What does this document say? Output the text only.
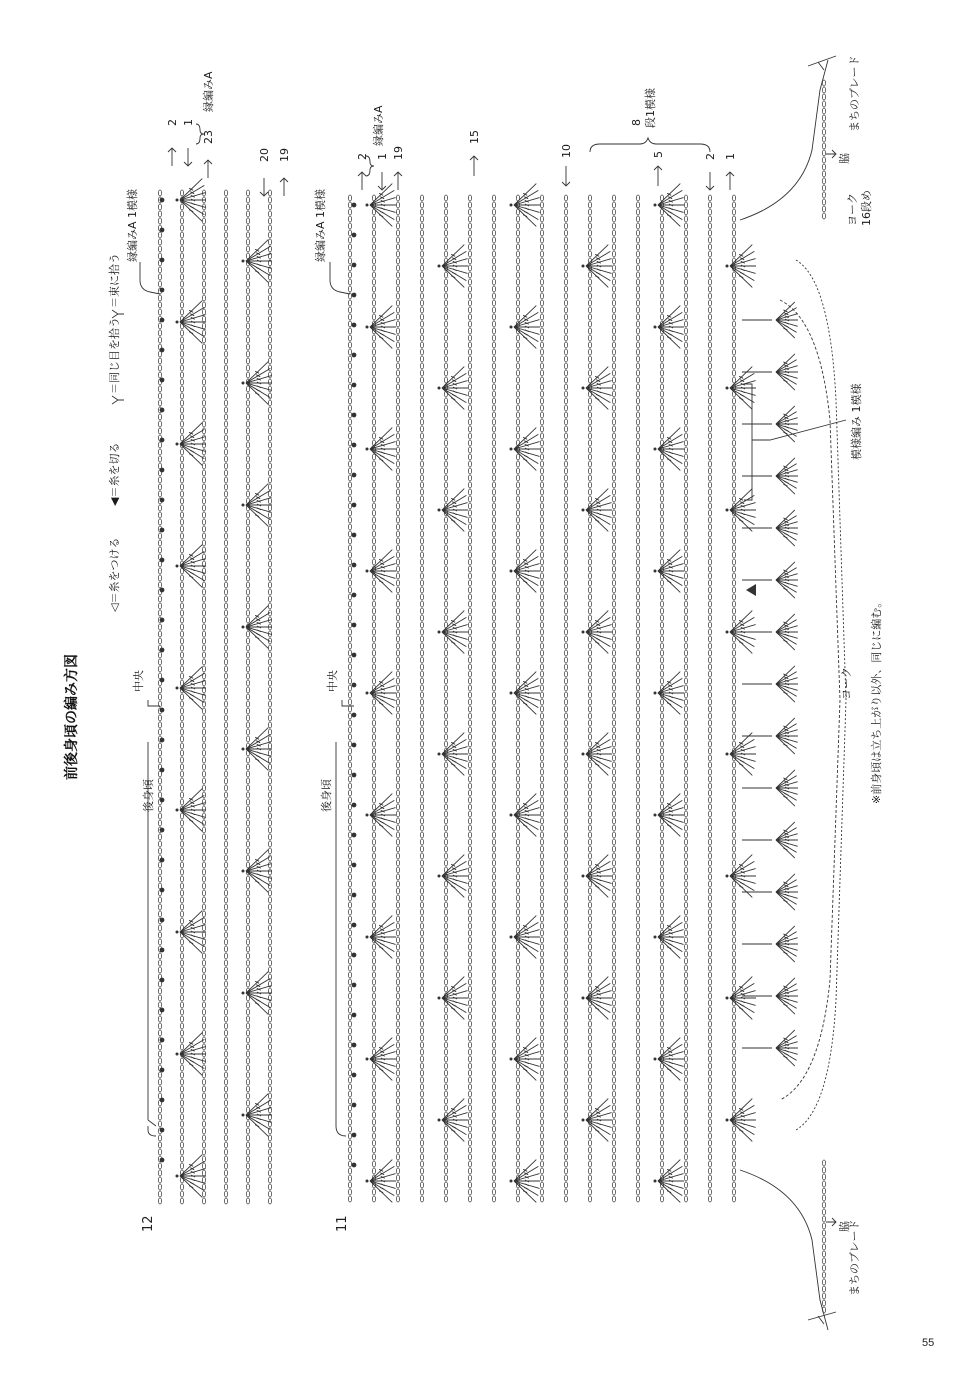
前後身頃の編み方図
◁＝糸をつける
◀＝糸を切る
＝同じ目を拾う
＝束に拾う
12
縁編みA
縁編みA 1模様
後身頃
中央
2 1
23
20 19
11
縁編みA
縁編みA 1模様
後身頃
中央
2 1 19
15
10	5	2 1
8 段1模様
模様編み 1模様
ヨーク 16段め
ヨーク
脇
脇
まちのブレード
まちのブレード
※前身頃は立ち上がり以外、同じに編む。
55
